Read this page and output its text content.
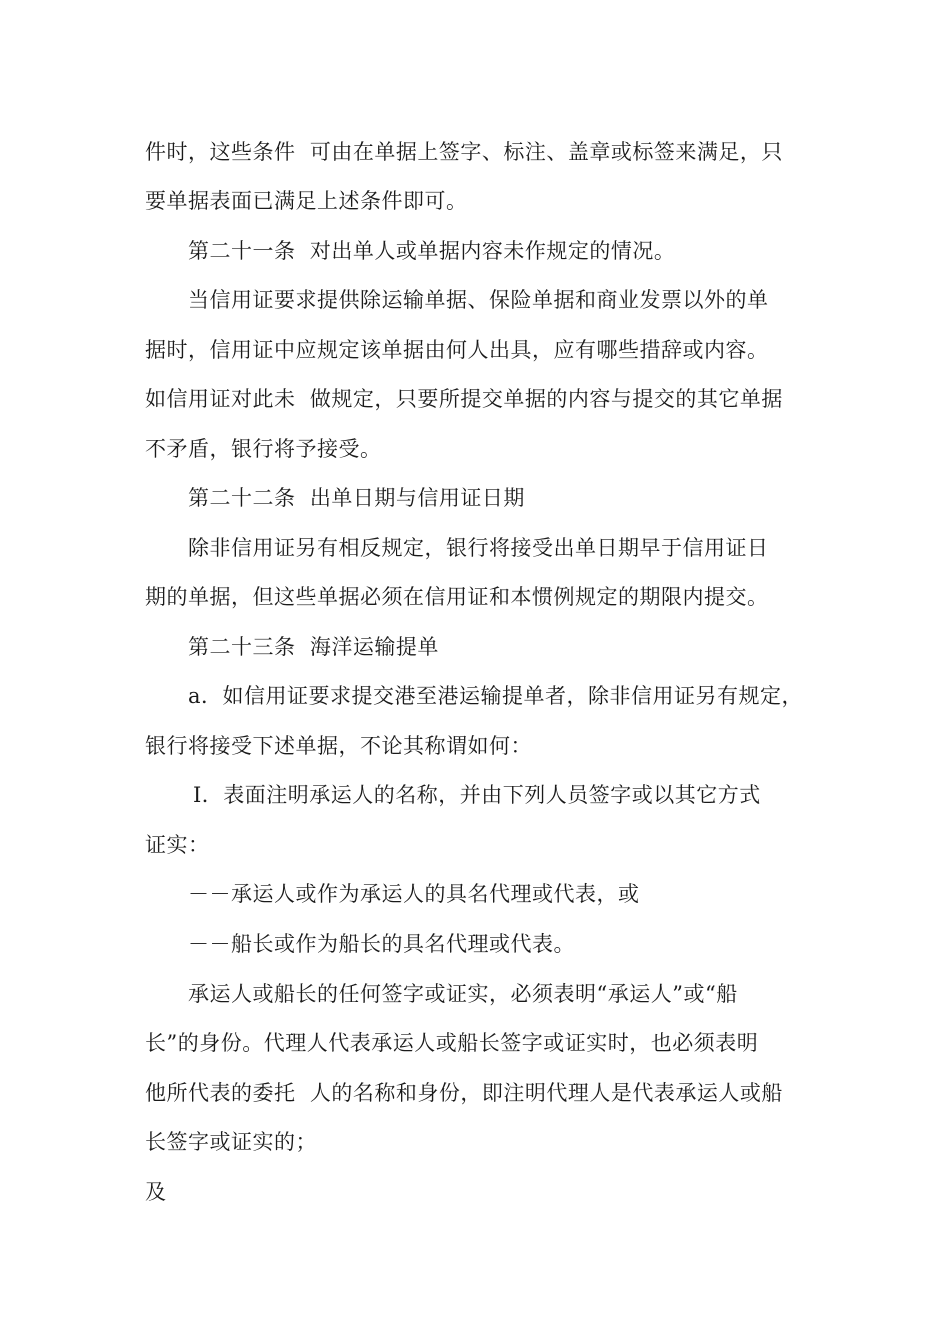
件时，这些条件  可由在单据上签字、标注、盖章或标签来满足，只
要单据表面已满足上述条件即可。
第二十一条  对出单人或单据内容未作规定的情况。
当信用证要求提供除运输单据、保险单据和商业发票以外的单
据时，信用证中应规定该单据由何人出具，应有哪些措辞或内容。
如信用证对此未  做规定，只要所提交单据的内容与提交的其它单据
不矛盾，银行将予接受。
第二十二条  出单日期与信用证日期
除非信用证另有相反规定，银行将接受出单日期早于信用证日
期的单据，但这些单据必须在信用证和本惯例规定的期限内提交。
第二十三条  海洋运输提单
a．如信用证要求提交港至港运输提单者，除非信用证另有规定，
银行将接受下述单据，不论其称谓如何：
Ⅰ．表面注明承运人的名称，并由下列人员签字或以其它方式
证实：
－－承运人或作为承运人的具名代理或代表，或
－－船长或作为船长的具名代理或代表。
承运人或船长的任何签字或证实，必须表明“承运人”或“船
长”的身份。代理人代表承运人或船长签字或证实时，也必须表明
他所代表的委托  人的名称和身份，即注明代理人是代表承运人或船
长签字或证实的；
及
